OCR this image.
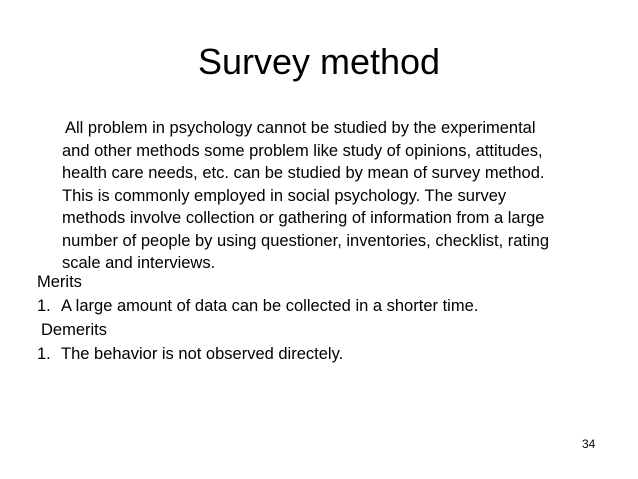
Survey method
All problem in psychology cannot be studied by the experimental
and other methods some problem like study of opinions, attitudes,
health care needs, etc. can be studied by mean of survey method.
This is commonly employed in social psychology. The survey
methods involve collection or gathering of information from a large
number of people by using questioner, inventories, checklist, rating
scale and interviews.
Merits
1. A large amount of data can be collected in a shorter time.
Demerits
1. The behavior is not observed directely.
34
